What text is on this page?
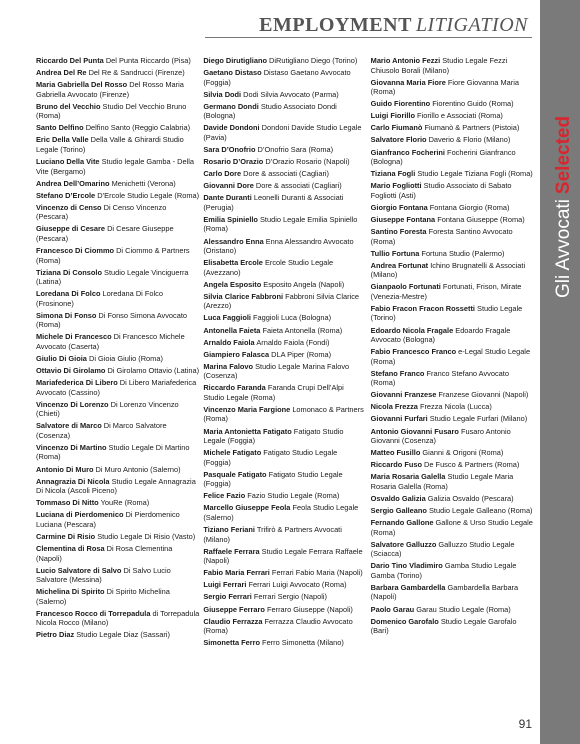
EMPLOYMENT LITIGATION
Gli AvvocatiSelected
Riccardo Del Punta Del Punta Riccardo (Pisa)
Andrea Del Re Del Re & Sandrucci (Firenze)
Maria Gabriella Del Rosso Del Rosso Maria Gabriella Avvocato (Firenze)
Bruno del Vecchio Studio Del Vecchio Bruno (Roma)
Santo Delfino Delfino Santo (Reggio Calabria)
Eric Della Valle Della Valle & Ghirardi Studio Legale (Torino)
Luciano Della Vite Studio legale Gamba - Della Vite (Bergamo)
Andrea Dell’Omarino Menichetti (Verona)
Stefano D’Ercole D’Ercole Studio Legale (Roma)
Vincenzo di Censo Di Censo Vincenzo (Pescara)
Giuseppe di Cesare Di Cesare Giuseppe (Pescara)
Francesco Di Ciommo Di Ciommo & Partners (Roma)
Tiziana Di Consolo Studio Legale Vinciguerra (Latina)
Loredana Di Folco Loredana Di Folco (Frosinone)
Simona Di Fonso Di Fonso Simona Avvocato (Roma)
Michele Di Francesco Di Francesco Michele Avvocato (Caserta)
Giulio Di Gioia Di Gioia Giulio (Roma)
Ottavio Di Girolamo Di Girolamo Ottavio (Latina)
Mariafederica Di Libero Di Libero Mariafederica Avvocato (Cassino)
Vincenzo Di Lorenzo Di Lorenzo Vincenzo (Chieti)
Salvatore di Marco Di Marco Salvatore (Cosenza)
Vincenzo Di Martino Studio Legale Di Martino (Roma)
Antonio Di Muro Di Muro Antonio (Salerno)
Annagrazia Di Nicola Studio Legale Annagrazia Di Nicola (Ascoli Piceno)
Tommaso Di Nitto YouRe (Roma)
Luciana di Pierdomenico Di Pierdomenico Luciana (Pescara)
Carmine Di Risio Studio Legale Di Risio (Vasto)
Clementina di Rosa Di Rosa Clementina (Napoli)
Lucio Salvatore di Salvo Di Salvo Lucio Salvatore (Messina)
Michelina Di Spirito Di Spirito Michelina (Salerno)
Francesco Rocco di Torrepadula di Torrepadula Nicola Rocco (Milano)
Pietro Diaz Studio Legale Diaz (Sassari)
Diego Dirutigliano DiRutigliano Diego (Torino)
Gaetano Distaso Distaso Gaetano Avvocato (Foggia)
Silvia Dodi Dodi Silvia Avvocato (Parma)
Germano Dondi Studio Associato Dondi (Bologna)
Davide Dondoni Dondoni Davide Studio Legale (Pavia)
Sara D’Onofrio D’Onofrio Sara (Roma)
Rosario D’Orazio D’Orazio Rosario (Napoli)
Carlo Dore Dore & associati (Cagliari)
Giovanni Dore Dore & associati (Cagliari)
Dante Duranti Leonelli Duranti & Associati (Perugia)
Emilia Spiniello Studio Legale Emilia Spiniello (Roma)
Alessandro Enna Enna Alessandro Avvocato (Oristano)
Elisabetta Ercole Ercole Studio Legale (Avezzano)
Angela Esposito Esposito Angela (Napoli)
Silvia Clarice Fabbroni Fabbroni Silvia Clarice (Arezzo)
Luca Faggioli Faggioli Luca (Bologna)
Antonella Faieta Faieta Antonella (Roma)
Arnaldo Faiola Arnaldo Faiola (Fondi)
Giampiero Falasca DLA Piper (Roma)
Marina Falovo Studio Legale Marina Falovo (Cosenza)
Riccardo Faranda Faranda Crupi Dell’Alpi Studio Legale (Roma)
Vincenzo Maria Fargione Lomonaco & Partners (Roma)
Maria Antonietta Fatigato Fatigato Studio Legale (Foggia)
Michele Fatigato Fatigato Studio Legale (Foggia)
Pasquale Fatigato Fatigato Studio Legale (Foggia)
Felice Fazio Fazio Studio Legale (Roma)
Marcello Giuseppe Feola Feola Studio Legale (Salerno)
Tiziano Feriani Trifirò & Partners Avvocati (Milano)
Raffaele Ferrara Studio Legale Ferrara Raffaele (Napoli)
Fabio Maria Ferrari Ferrari Fabio Maria (Napoli)
Luigi Ferrari Ferrari Luigi Avvocato (Roma)
Sergio Ferrari Ferrari Sergio (Napoli)
Giuseppe Ferraro Ferraro Giuseppe (Napoli)
Claudio Ferrazza Ferrazza Claudio Avvocato (Roma)
Simonetta Ferro Ferro Simonetta (Milano)
Mario Antonio Fezzi Studio Legale Fezzi Chiusolo Borali (Milano)
Giovanna Maria Fiore Fiore Giovanna Maria (Roma)
Guido Fiorentino Fiorentino Guido (Roma)
Luigi Fiorillo Fiorillo e Associati (Roma)
Carlo Fiumanò Fiumanò & Partners (Pistoia)
Salvatore Florio Daverio & Florio (Milano)
Gianfranco Focherini Focherini Gianfranco (Bologna)
Tiziana Fogli Studio Legale Tiziana Fogli (Roma)
Mario Fogliotti Studio Associato di Sabato Fogliotti (Asti)
Giorgio Fontana Fontana Giorgio (Roma)
Giuseppe Fontana Fontana Giuseppe (Roma)
Santino Foresta Foresta Santino Avvocato (Roma)
Tullio Fortuna Fortuna Studio (Palermo)
Andrea Fortunat Ichino Brugnatelli & Associati (Milano)
Gianpaolo Fortunati Fortunati, Frison, Mirate (Venezia-Mestre)
Fabio Fracon Fracon Rossetti Studio Legale (Torino)
Edoardo Nicola Fragale Edoardo Fragale Avvocato (Bologna)
Fabio Francesco Franco e-Legal Studio Legale (Roma)
Stefano Franco Franco Stefano Avvocato (Roma)
Giovanni Franzese Franzese Giovanni (Napoli)
Nicola Frezza Frezza Nicola (Lucca)
Giovanni Furfari Studio Legale Furfari (Milano)
Antonio Giovanni Fusaro Fusaro Antonio Giovanni (Cosenza)
Matteo Fusillo Gianni & Origoni (Roma)
Riccardo Fuso De Fusco & Partners (Roma)
Maria Rosaria Galella Studio Legale Maria Rosaria Galella (Roma)
Osvaldo Galizia Galizia Osvaldo (Pescara)
Sergio Galleano Studio Legale Galleano (Roma)
Fernando Gallone Gallone & Urso Studio Legale (Roma)
Salvatore Galluzzo Galluzzo Studio Legale (Sciacca)
Dario Tino Vladimiro Gamba Studio Legale Gamba (Torino)
Barbara Gambardella Gambardella Barbara (Napoli)
Paolo Garau Garau Studio Legale (Roma)
Domenico Garofalo Studio Legale Garofalo (Bari)
91
